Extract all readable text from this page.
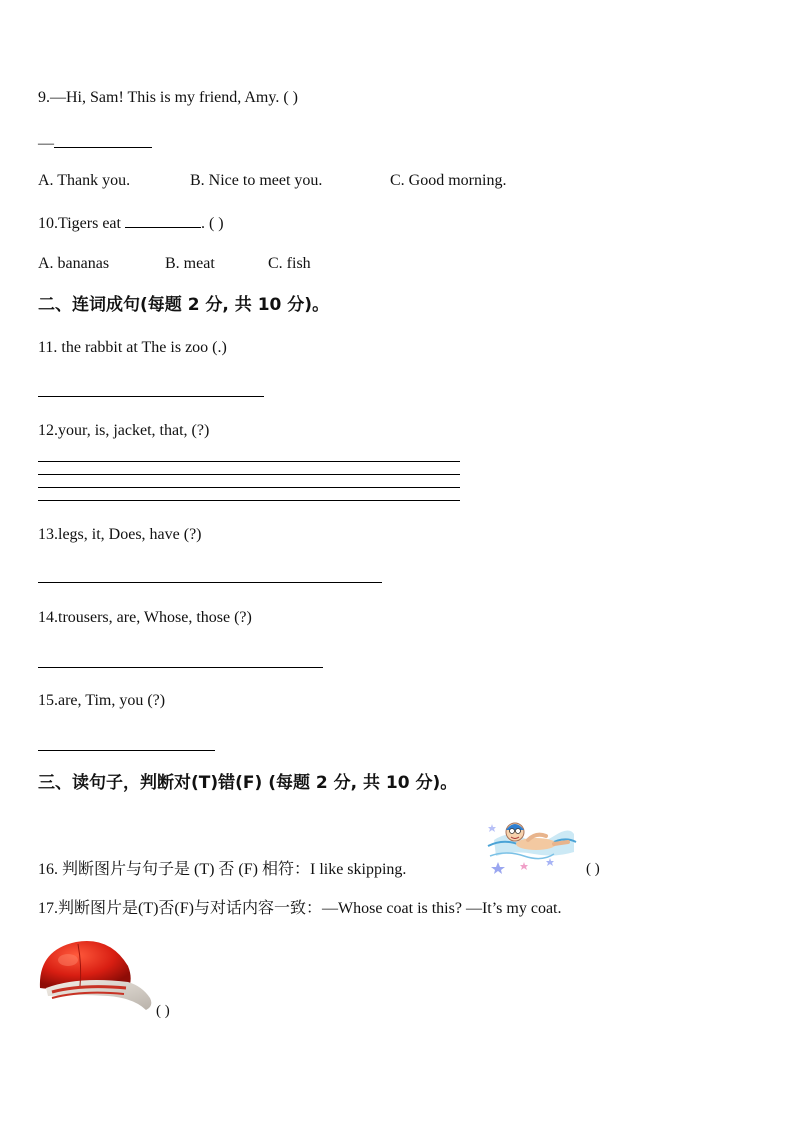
9.—Hi, Sam! This is my friend, Amy. ( )
—
A. Thank you.	B. Nice to meet you.	C. Good morning.
10.Tigers eat	. ( )
A. bananas	B. meat	C. fish
二、连词成句(每题 2 分, 共 10 分)。
11. the rabbit at The is zoo (.)
12.your, is, jacket, that, (?)
13.legs, it, Does, have (?)
14.trousers, are, Whose, those (?)
15.are, Tim, you (?)
三、读句子，判断对(T)错(F) (每题 2 分, 共 10 分)。
16. 判断图片与句子是 (T) 否 (F) 相符：I like skipping.	( )
17.判断图片是(T)否(F)与对话内容一致：—Whose coat is this? —It’s my coat.
( )
